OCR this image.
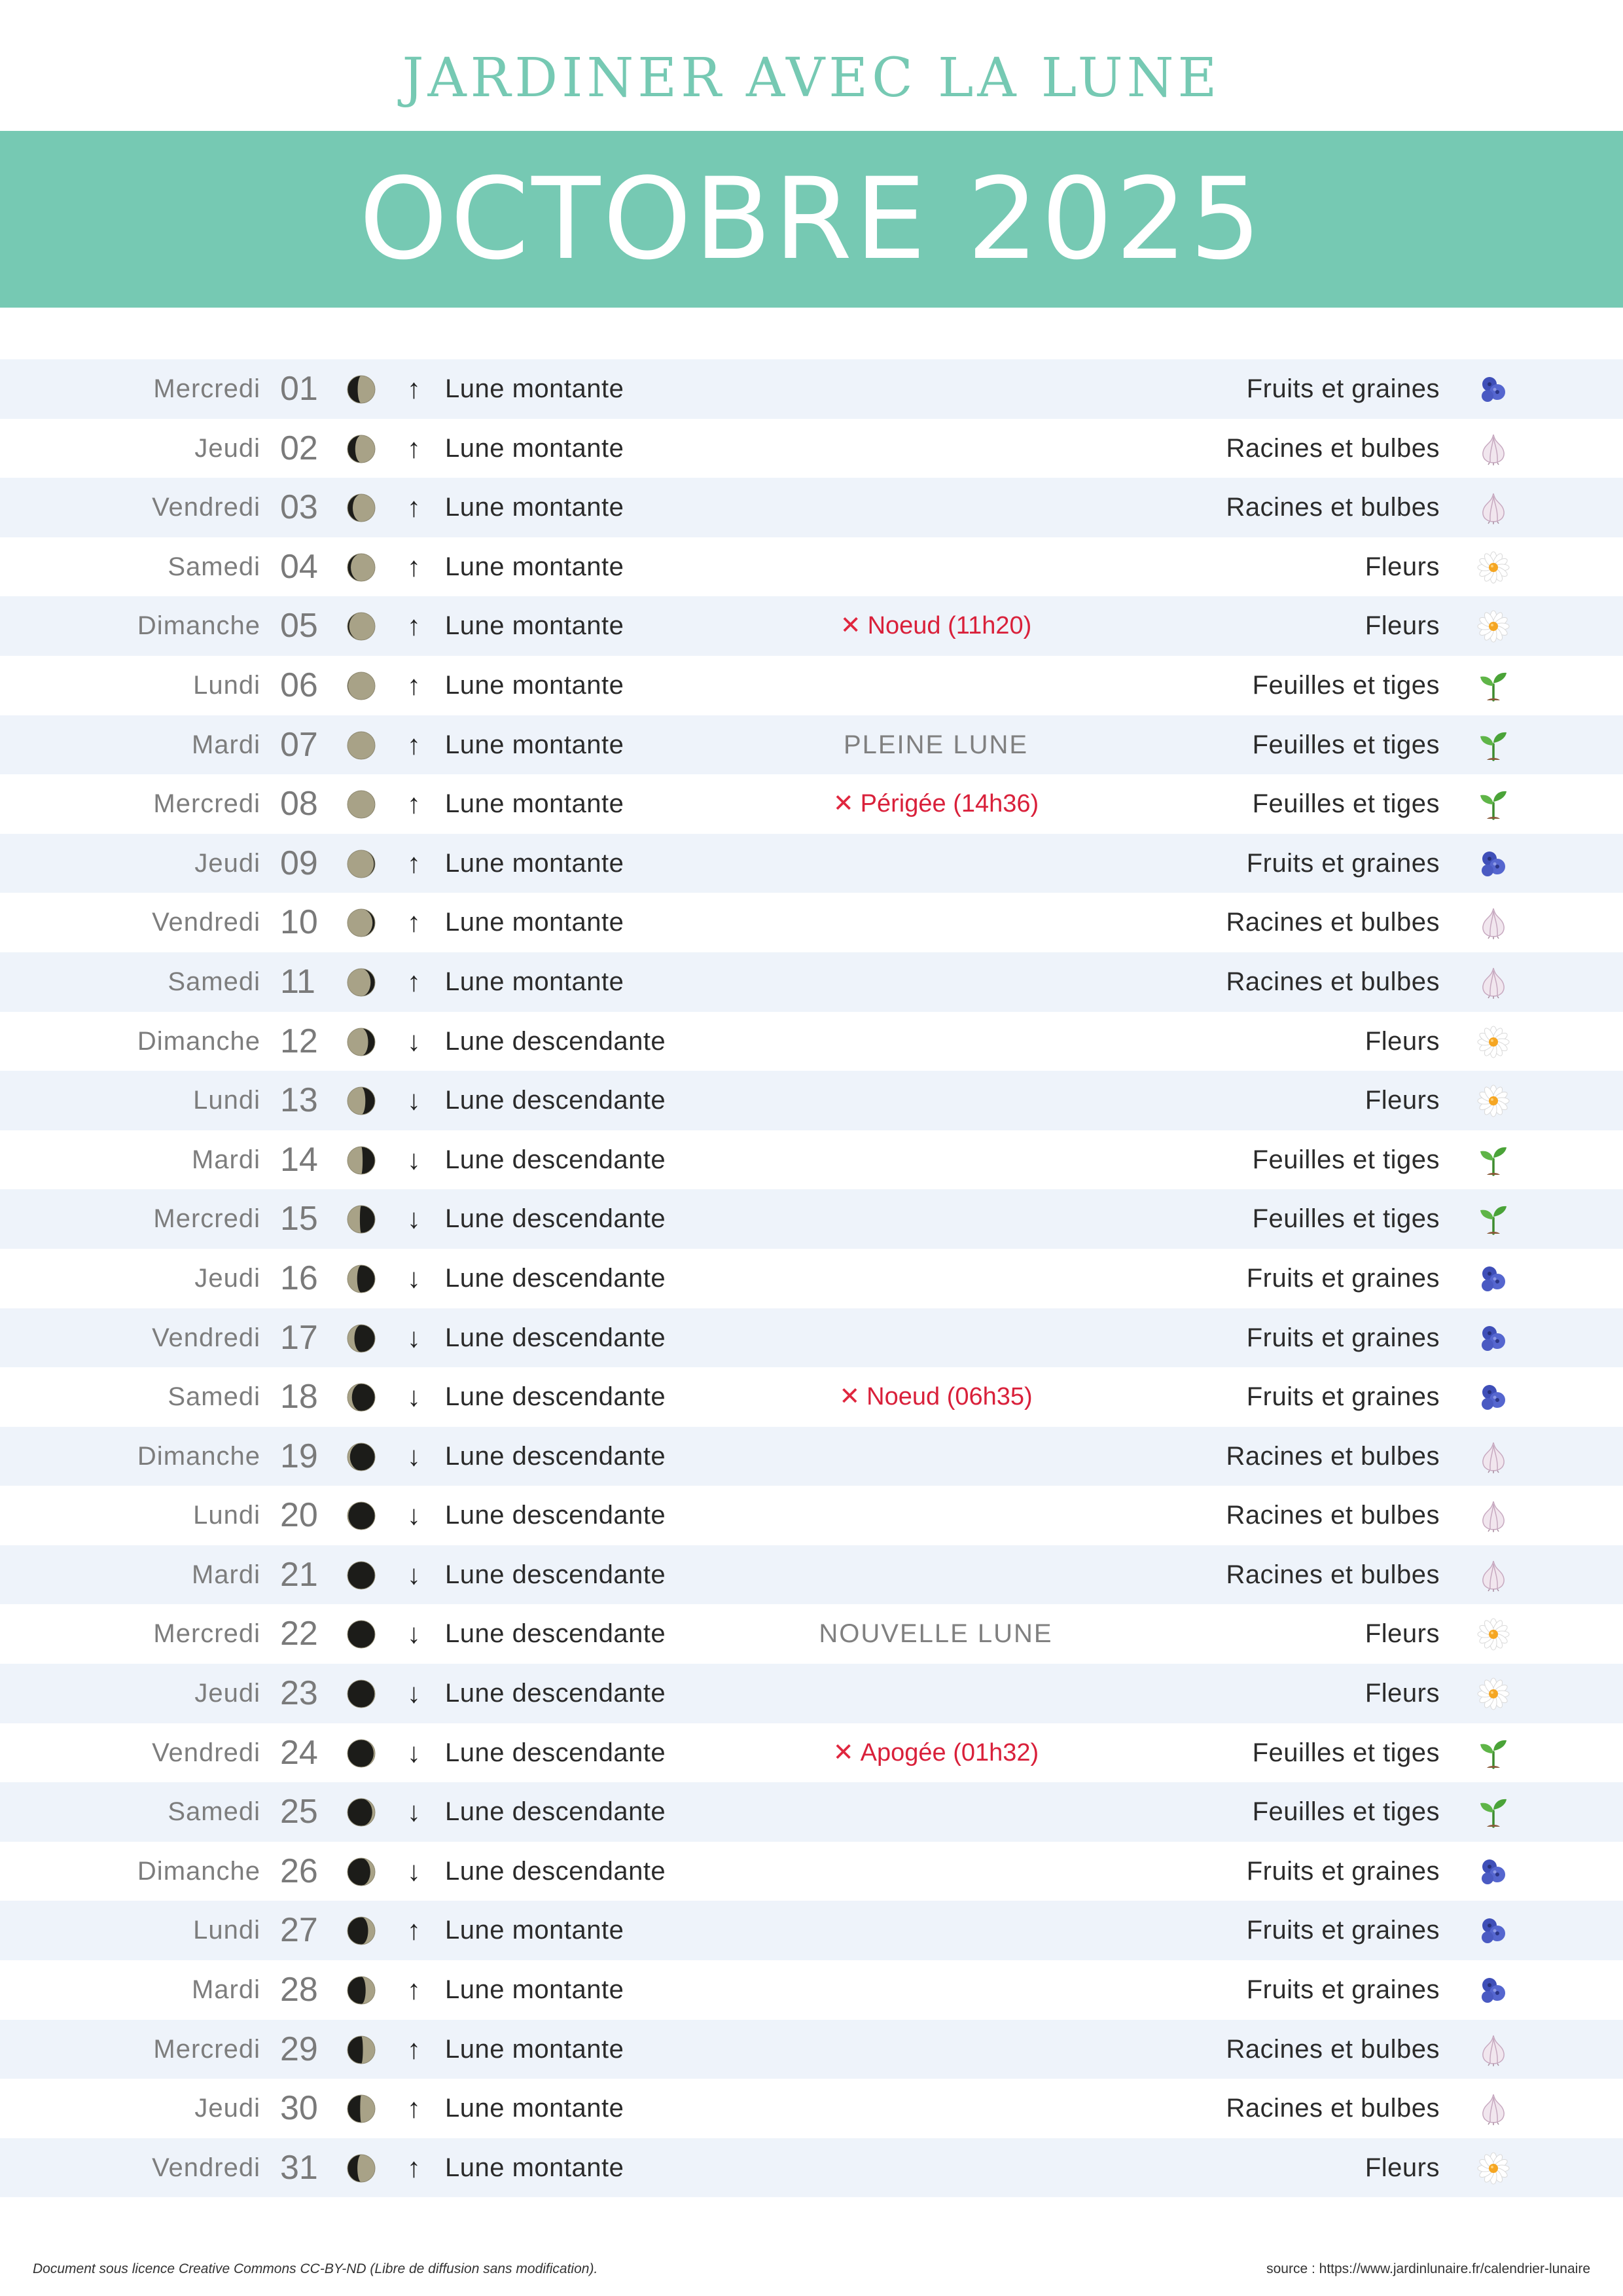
JARDINER AVEC LA LUNE
OCTOBRE 2025
Mercredi 01	↑ Lune montante	Fruits et graines
Jeudi 02	↑ Lune montante	Racines et bulbes
Vendredi 03	↑ Lune montante	Racines et bulbes
Samedi 04	↑ Lune montante	Fleurs
Dimanche 05	↑ Lune montante	✕ Noeud (11h20)	Fleurs
Lundi 06	↑ Lune montante	Feuilles et tiges
Mardi 07	↑ Lune montante	PLEINE LUNE	Feuilles et tiges
Mercredi 08	↑ Lune montante	✕ Périgée (14h36)	Feuilles et tiges
Jeudi 09	↑ Lune montante	Fruits et graines
Vendredi 10	↑ Lune montante	Racines et bulbes
Samedi 11	↑ Lune montante	Racines et bulbes
Dimanche 12	↓ Lune descendante	Fleurs
Lundi 13	↓ Lune descendante	Fleurs
Mardi 14	↓ Lune descendante	Feuilles et tiges
Mercredi 15	↓ Lune descendante	Feuilles et tiges
Jeudi 16	↓ Lune descendante	Fruits et graines
Vendredi 17	↓ Lune descendante	Fruits et graines
Samedi 18	↓ Lune descendante	✕ Noeud (06h35)	Fruits et graines
Dimanche 19	↓ Lune descendante	Racines et bulbes
Lundi 20	↓ Lune descendante	Racines et bulbes
Mardi 21	↓ Lune descendante	Racines et bulbes
Mercredi 22	↓ Lune descendante	NOUVELLE LUNE	Fleurs
Jeudi 23	↓ Lune descendante	Fleurs
Vendredi 24	↓ Lune descendante	✕ Apogée (01h32)	Feuilles et tiges
Samedi 25	↓ Lune descendante	Feuilles et tiges
Dimanche 26	↓ Lune descendante	Fruits et graines
Lundi 27	↑ Lune montante	Fruits et graines
Mardi 28	↑ Lune montante	Fruits et graines
Mercredi 29	↑ Lune montante	Racines et bulbes
Jeudi 30	↑ Lune montante	Racines et bulbes
Vendredi 31	↑ Lune montante	Fleurs
Document sous licence Creative Commons CC-BY-ND (Libre de diffusion sans modification).	source : https://www.jardinlunaire.fr/calendrier-lunaire
